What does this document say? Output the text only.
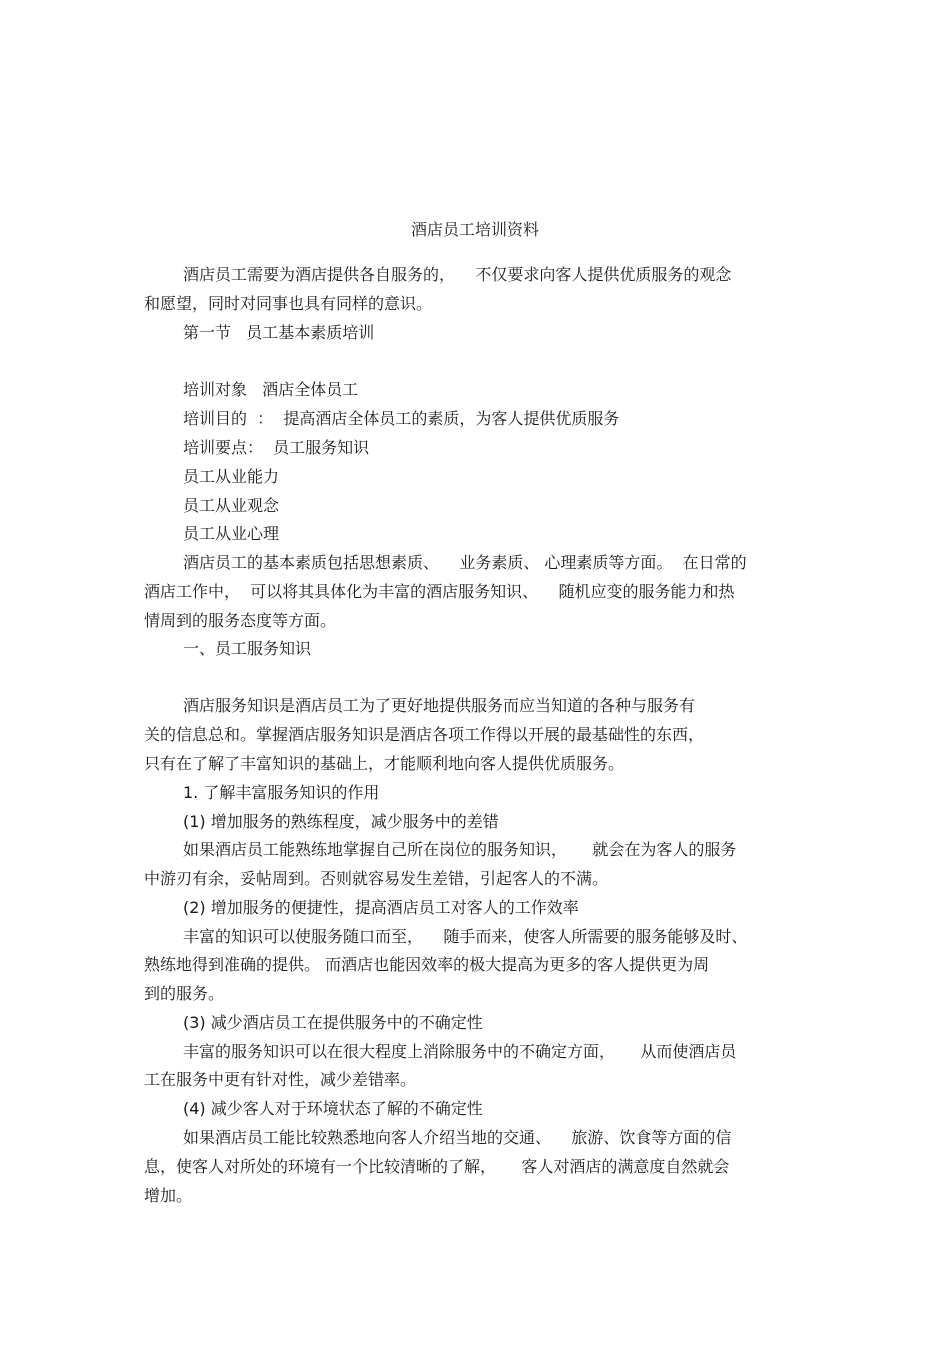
酒店员工培训资料

酒店员工需要为酒店提供各自服务的，    不仅要求向客人提供优质服务的观念

和愿望，同时对同事也具有同样的意识。

第一节   员工基本素质培训

培训对象   酒店全体员工

培训目的  ：  提高酒店全体员工的素质，为客人提供优质服务

培训要点：  员工服务知识

员工从业能力

员工从业观念

员工从业心理

酒店员工的基本素质包括思想素质、    业务素质、 心理素质等方面。  在日常的

酒店工作中，  可以将其具体化为丰富的酒店服务知识、    随机应变的服务能力和热

情周到的服务态度等方面。

一、员工服务知识

酒店服务知识是酒店员工为了更好地提供服务而应当知道的各种与服务有

关的信息总和。掌握酒店服务知识是酒店各项工作得以开展的最基础性的东西，

只有在了解了丰富知识的基础上，才能顺利地向客人提供优质服务。

1. 了解丰富服务知识的作用

(1) 增加服务的熟练程度，减少服务中的差错

如果酒店员工能熟练地掌握自己所在岗位的服务知识，     就会在为客人的服务

中游刃有余，妥帖周到。否则就容易发生差错，引起客人的不满。

(2) 增加服务的便捷性，提高酒店员工对客人的工作效率

丰富的知识可以使服务随口而至，    随手而来，使客人所需要的服务能够及时、

熟练地得到准确的提供。 而酒店也能因效率的极大提高为更多的客人提供更为周

到的服务。

(3) 减少酒店员工在提供服务中的不确定性

丰富的服务知识可以在很大程度上消除服务中的不确定方面，     从而使酒店员

工在服务中更有针对性，减少差错率。

(4) 减少客人对于环境状态了解的不确定性

如果酒店员工能比较熟悉地向客人介绍当地的交通、    旅游、饮食等方面的信

息，使客人对所处的环境有一个比较清晰的了解，     客人对酒店的满意度自然就会

增加。
